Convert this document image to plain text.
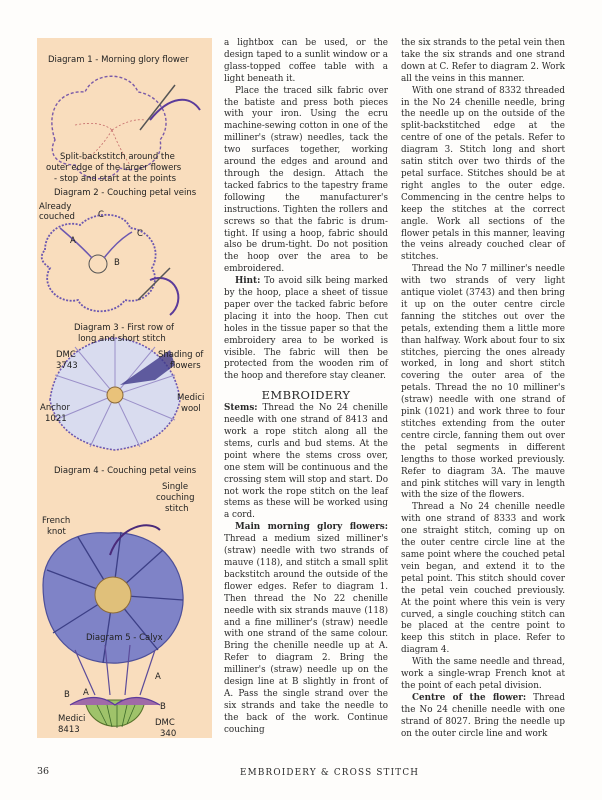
Diagram 1 - Morning glory flower
Split-backstitch around the
outer edge of the larger flowers
- stop and start at the points
Diagram 2 - Couching petal veins
Already
couched	C
C
A
B
Diagram 3 - First row of
long and short stitch
DMC
3743
Shading of
flowers
Anchor
1021
Medici
wool
Diagram 4 - Couching petal veins
Single
couching
stitch
French
knot
Diagram 5 - Calyx
A
B A
B
Medici
8413
DMC
340

a lightbox can be used, or the design taped to a sunlit window or a glass-topped coffee table with a light beneath it.

Place the traced silk fabric over the batiste and press both pieces with your iron. Using the ecru machine-sewing cotton in one of the milliner's (straw) needles, tack the two surfaces together, working around the edges and around and through the design. Attach the tacked fabrics to the tapestry frame following the manufacturer's instructions. Tighten the rollers and screws so that the fabric is drum-tight. If using a hoop, fabric should also be drum-tight. Do not position the hoop over the area to be embroidered.

Hint: To avoid silk being marked by the hoop, place a sheet of tissue paper over the tacked fabric before placing it into the hoop. Then cut holes in the tissue paper so that the embroidery area to be worked is visible. The fabric will then be protected from the wooden rim of the hoop and therefore stay cleaner.

EMBROIDERY

Stems: Thread the No 24 chenille needle with one strand of 8413 and work a rope stitch along all the stems, curls and bud stems. At the point where the stems cross over, one stem will be continuous and the crossing stem will stop and start. Do not work the rope stitch on the leaf stems as these will be worked using a cord.

Main morning glory flowers: Thread a medium sized milliner's (straw) needle with two strands of mauve (118), and stitch a small split backstitch around the outside of the flower edges. Refer to diagram 1. Then thread the No 22 chenille needle with six strands mauve (118) and a fine milliner's (straw) needle with one strand of the same colour. Bring the chenille needle up at A. Refer to diagram 2. Bring the milliner's (straw) needle up on the design line at B slightly in front of A. Pass the single strand over the six strands and take the needle to the back of the work. Continue couching

the six strands to the petal vein then take the six strands and one strand down at C. Refer to diagram 2. Work all the veins in this manner.

With one strand of 8332 threaded in the No 24 chenille needle, bring the needle up on the outside of the split-backstitched edge at the centre of one of the petals. Refer to diagram 3. Stitch long and short satin stitch over two thirds of the petal surface. Stitches should be at right angles to the outer edge. Commencing in the centre helps to keep the stitches at the correct angle. Work all sections of the flower petals in this manner, leaving the veins already couched clear of stitches.

Thread the No 7 milliner's needle with two strands of very light antique violet (3743) and then bring it up on the outer centre circle fanning the stitches out over the petals, extending them a little more than halfway. Work about four to six stitches, piercing the ones already worked, in long and short stitch covering the outer area of the petals. Thread the no 10 milliner's (straw) needle with one strand of pink (1021) and work three to four stitches extending from the outer centre circle, fanning them out over the petal segments in different lengths to those worked previously. Refer to diagram 3A. The mauve and pink stitches will vary in length with the size of the flowers.

Thread a No 24 chenille needle with one strand of 8333 and work one straight stitch, coming up on the outer centre circle line at the same point where the couched petal vein began, and extend it to the petal point. This stitch should cover the petal vein couched previously. At the point where this vein is very curved, a single couching stitch can be placed at the centre point to keep this stitch in place. Refer to diagram 4.

With the same needle and thread, work a single-wrap French knot at the point of each petal division.

Centre of the flower: Thread the No 24 chenille needle with one strand of 8027. Bring the needle up on the outer circle line and work

36	EMBROIDERY & CROSS STITCH
